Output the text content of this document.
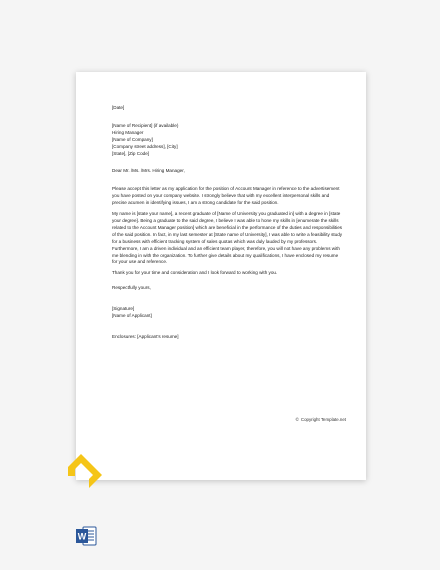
[Date]

[Name of Recipient] (if available)

Hiring Manager

[Name of Company]

[Company street address], [City]

[State], [Zip Code]

Dear Mr. /Ms. /Mrs. Hiring Manager,

Please accept this letter as my application for the position of Account Manager in reference to the advertisement you have posted on your company website. I strongly believe that with my excellent interpersonal skills and precise acumen in identifying issues, I am a strong candidate for the said position.

My name is [state your name], a recent graduate of [Name of University you graduated in] with a degree in [state your degree]. Being a graduate to the said degree, I believe I was able to hone my skills in [enumerate the skills related to the Account Manager position] which are beneficial in the performance of the duties and responsibilities of the said position. In fact, in my last semester at [State name of University], I was able to write a feasibility study for a business with efficient tracking system of sales quotas which was duly lauded by my professors. Furthermore, I am a driven individual and an efficient team player, therefore, you will not have any problems with me blending in with the organization. To further give details about my qualifications, I have enclosed my resume for your use and reference.

Thank you for your time and consideration and I look forward to working with you.

Respectfully yours,

[Signature]

[Name of Applicant]

Enclosures: [Applicant's resume]

© Copyright Template.net
W
